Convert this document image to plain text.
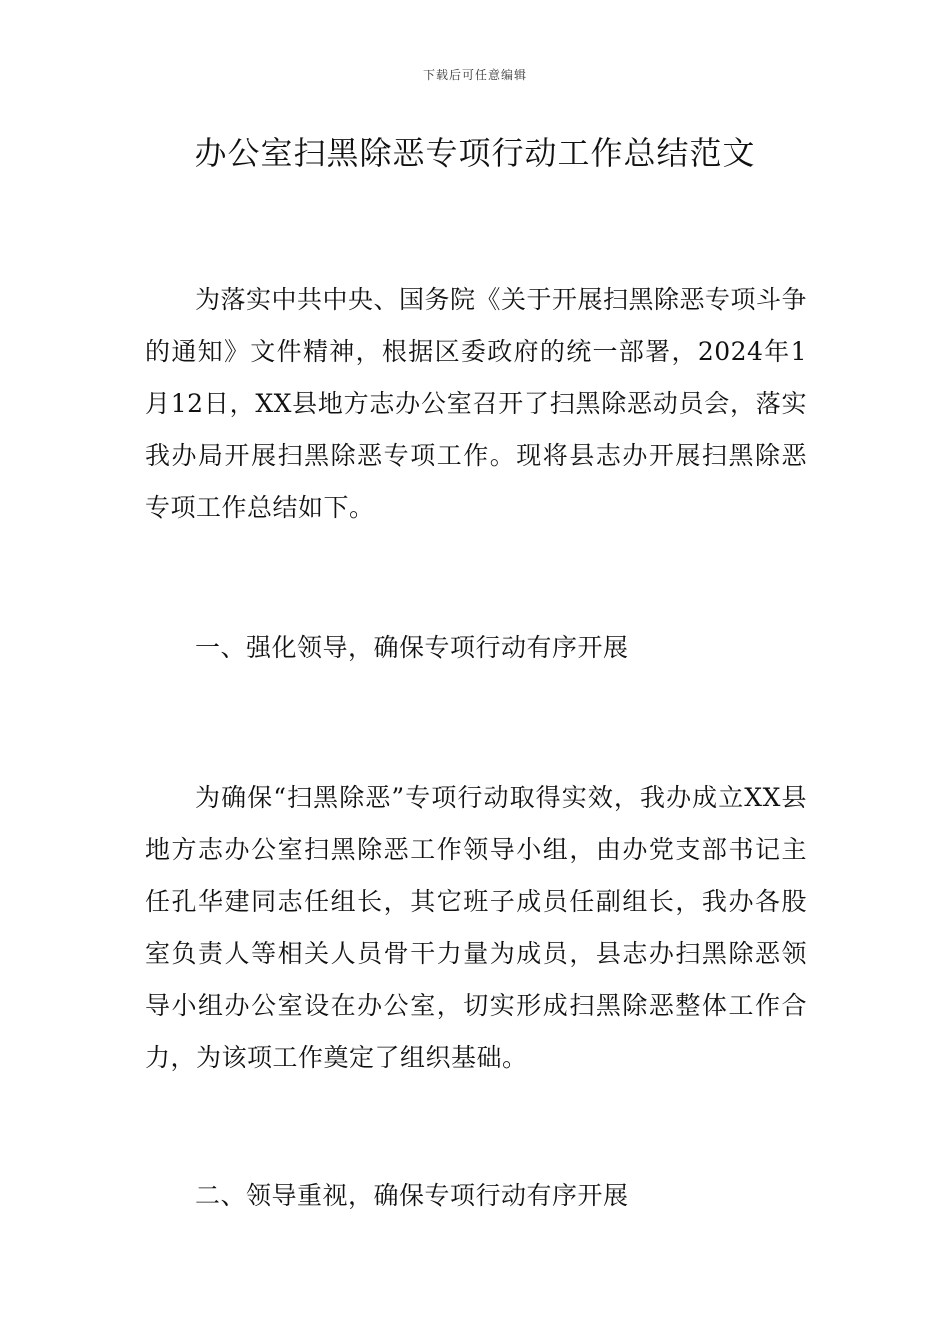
下载后可任意编辑
办公室扫黑除恶专项行动工作总结范文

为落实中共中央、国务院《关于开展扫黑除恶专项斗争的通知》文件精神，根据区委政府的统一部署，2024年1月12日，XX县地方志办公室召开了扫黑除恶动员会，落实我办局开展扫黑除恶专项工作。现将县志办开展扫黑除恶专项工作总结如下。

一、强化领导，确保专项行动有序开展

为确保“扫黑除恶”专项行动取得实效，我办成立XX县地方志办公室扫黑除恶工作领导小组，由办党支部书记主任孔华建同志任组长，其它班子成员任副组长，我办各股室负责人等相关人员骨干力量为成员，县志办扫黑除恶领导小组办公室设在办公室，切实形成扫黑除恶整体工作合力，为该项工作奠定了组织基础。

二、领导重视，确保专项行动有序开展
